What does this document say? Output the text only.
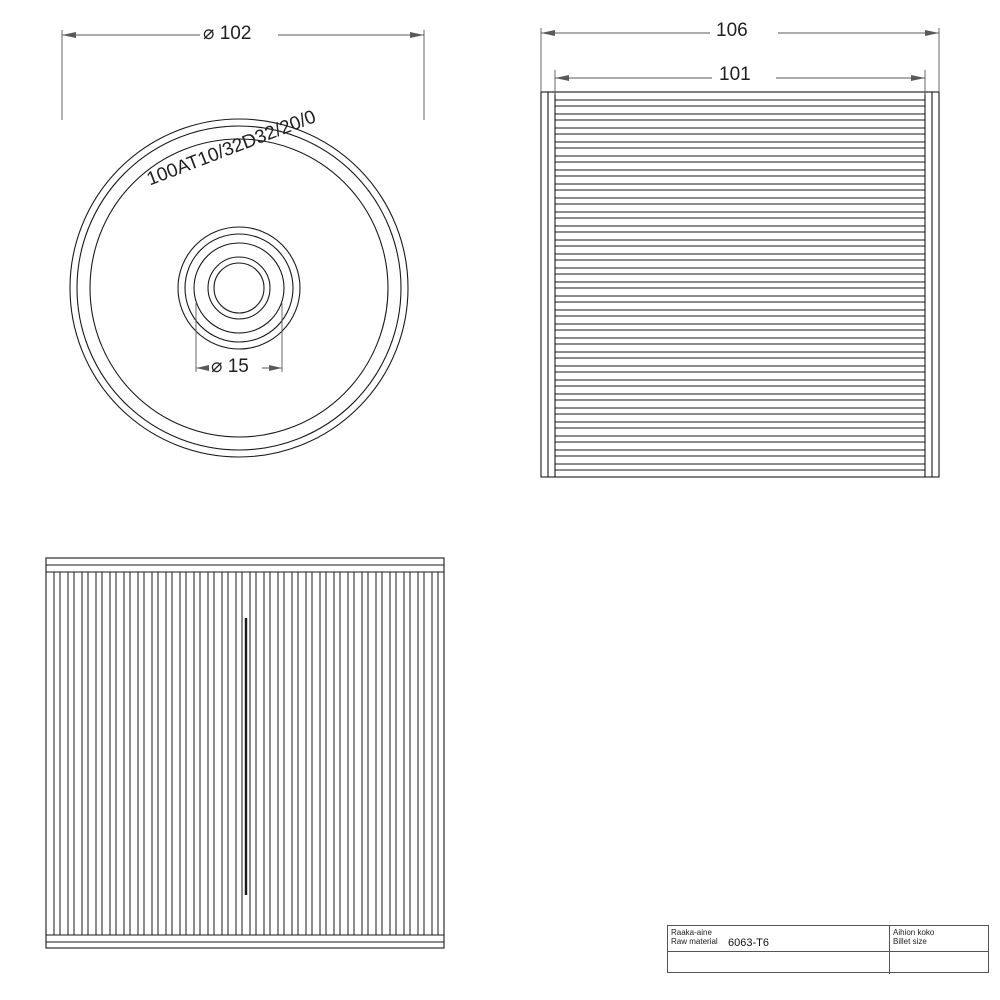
⌀ 102
⌀ 15
100AT10/32D32/20/0
106
101
Raaka-aine
Raw material 6063-T6
Aihion koko
Billet size
